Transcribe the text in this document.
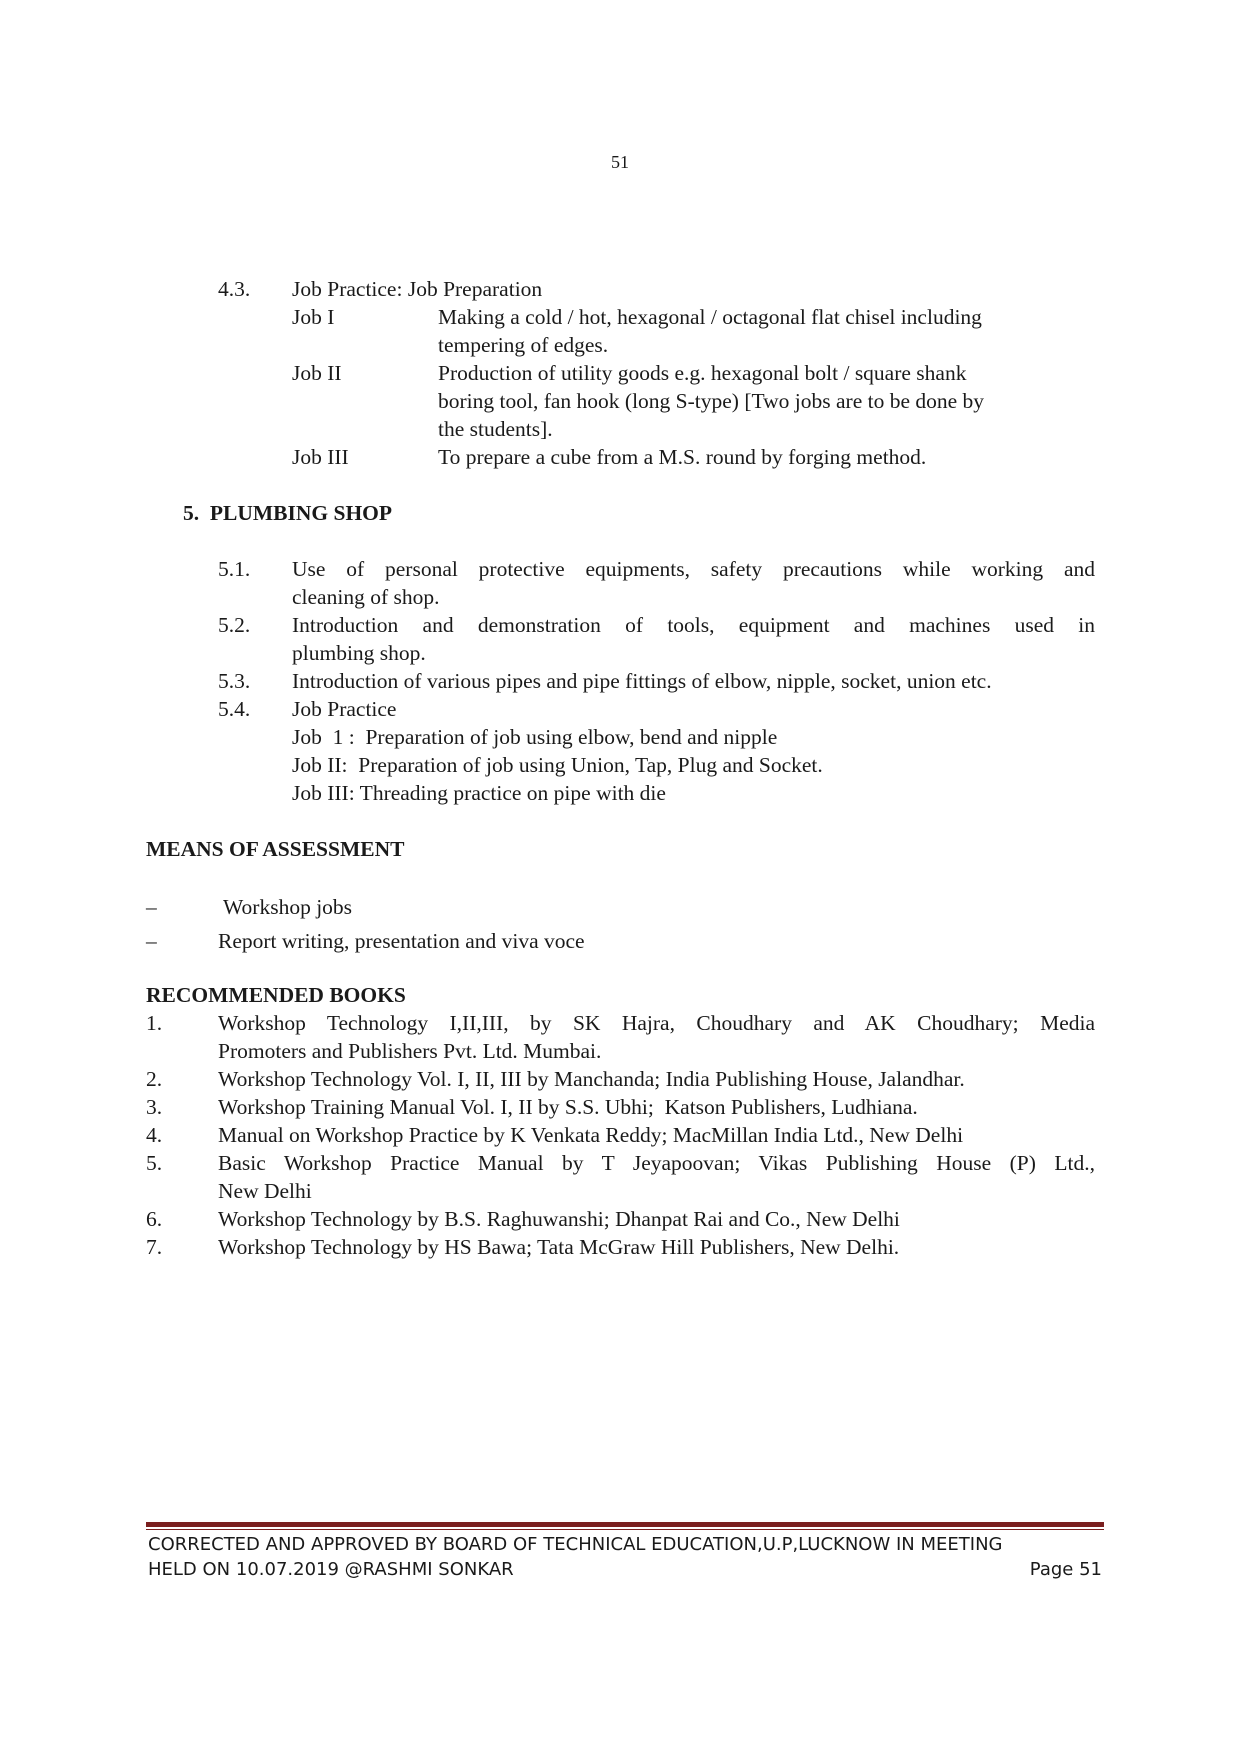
51
4.3. Job Practice: Job Preparation
Job I	Making a cold / hot, hexagonal / octagonal flat chisel including
tempering of edges.
Job II	Production of utility goods e.g. hexagonal bolt / square shank
boring tool, fan hook (long S-type) [Two jobs are to be done by
the students].
Job III	To prepare a cube from a M.S. round by forging method.
5.  PLUMBING SHOP
5.1. Use of personal protective equipments, safety precautions while working and
cleaning of shop.
5.2. Introduction and demonstration of tools, equipment and machines used in
plumbing shop.
5.3. Introduction of various pipes and pipe fittings of elbow, nipple, socket, union etc.
5.4. Job Practice
Job  1 :  Preparation of job using elbow, bend and nipple
Job II:  Preparation of job using Union, Tap, Plug and Socket.
Job III: Threading practice on pipe with die
MEANS OF ASSESSMENT
–	Workshop jobs
–	Report writing, presentation and viva voce
RECOMMENDED BOOKS
1.	Workshop Technology I,II,III, by SK Hajra, Choudhary and AK Choudhary; Media
Promoters and Publishers Pvt. Ltd. Mumbai.
2.	Workshop Technology Vol. I, II, III by Manchanda; India Publishing House, Jalandhar.
3.	Workshop Training Manual Vol. I, II by S.S. Ubhi;  Katson Publishers, Ludhiana.
4.	Manual on Workshop Practice by K Venkata Reddy; MacMillan India Ltd., New Delhi
5.	Basic Workshop Practice Manual by T Jeyapoovan; Vikas Publishing House (P) Ltd.,
New Delhi
6.	Workshop Technology by B.S. Raghuwanshi; Dhanpat Rai and Co., New Delhi
7.	Workshop Technology by HS Bawa; Tata McGraw Hill Publishers, New Delhi.
CORRECTED AND APPROVED BY BOARD OF TECHNICAL EDUCATION,U.P,LUCKNOW IN MEETING
HELD ON 10.07.2019 @RASHMI SONKAR	Page 51
